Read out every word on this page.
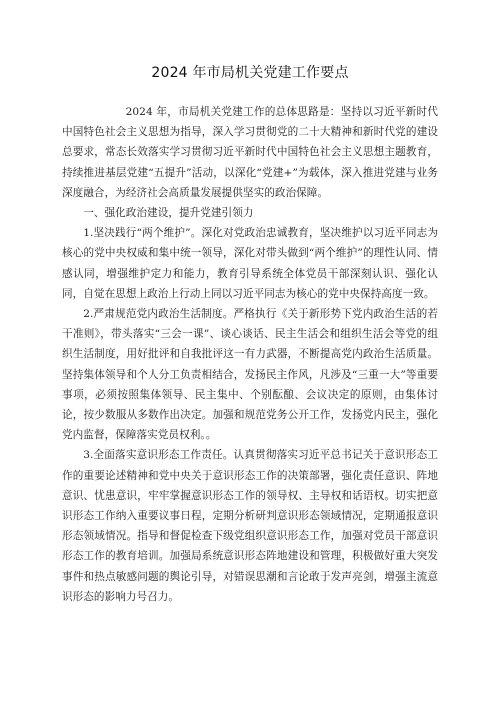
2024 年市局机关党建工作要点

2024 年，市局机关党建工作的总体思路是：坚持以习近平新时代中国特色社会主义思想为指导，深入学习贯彻党的二十大精神和新时代党的建设总要求，常态长效落实学习贯彻习近平新时代中国特色社会主义思想主题教育，持续推进基层党建“五提升”活动，以深化“党建+”为载体，深入推进党建与业务深度融合，为经济社会高质量发展提供坚实的政治保障。

一、强化政治建设，提升党建引领力

1.坚决践行“两个维护”。深化对党政治忠诚教育，坚决维护以习近平同志为核心的党中央权威和集中统一领导，深化对带头做到“两个维护”的理性认同、情感认同，增强维护定力和能力，教育引导系统全体党员干部深刻认识、强化认同，自觉在思想上政治上行动上同以习近平同志为核心的党中央保持高度一致。

2.严肃规范党内政治生活制度。严格执行《关于新形势下党内政治生活的若干准则》，带头落实“三会一课”、谈心谈话、民主生活会和组织生活会等党的组织生活制度，用好批评和自我批评这一有力武器，不断提高党内政治生活质量。坚持集体领导和个人分工负责相结合，发扬民主作风，凡涉及“三重一大”等重要事项，必须按照集体领导、民主集中、个别酝酿、会议决定的原则，由集体讨论，按少数服从多数作出决定。加强和规范党务公开工作，发扬党内民主，强化党内监督，保障落实党员权利。。

3.全面落实意识形态工作责任。认真贯彻落实习近平总书记关于意识形态工作的重要论述精神和党中央关于意识形态工作的决策部署，强化责任意识、阵地意识、忧患意识，牢牢掌握意识形态工作的领导权、主导权和话语权。切实把意识形态工作纳入重要议事日程，定期分析研判意识形态领域情况，定期通报意识形态领域情况。指导和督促检查下级党组织意识形态工作，加强对党员干部意识形态工作的教育培训。加强局系统意识形态阵地建设和管理，积极做好重大突发事件和热点敏感问题的舆论引导，对错误思潮和言论敢于发声亮剑，增强主流意识形态的影响力号召力。
